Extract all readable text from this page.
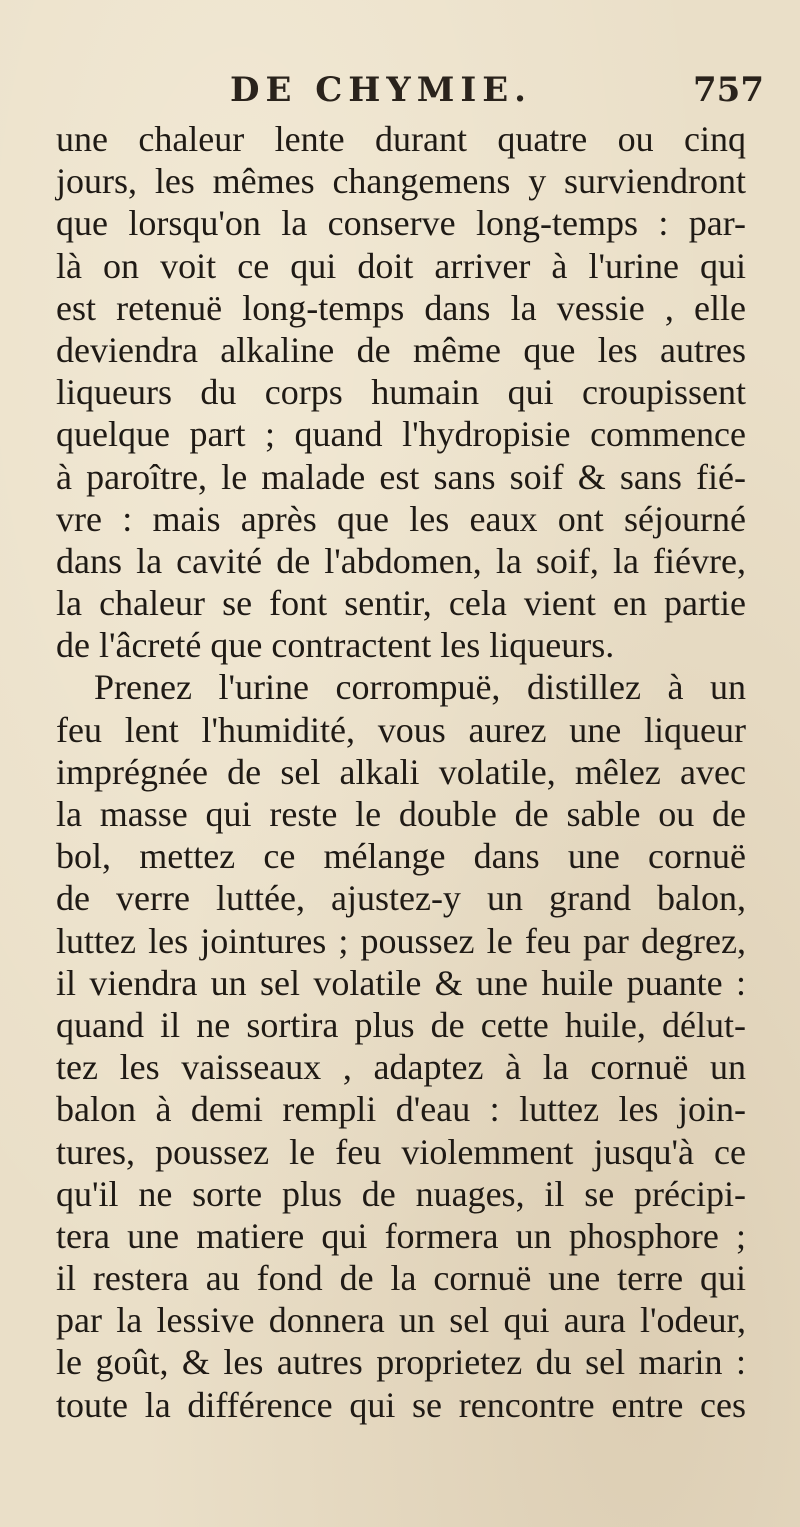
DE CHYMIE.	757
une chaleur lente durant quatre ou cinq
jours, les mêmes changemens y surviendront
que lorsqu'on la conserve long-temps : par-
là on voit ce qui doit arriver à l'urine qui
est retenuë long-temps dans la vessie , elle
deviendra alkaline de même que les autres
liqueurs du corps humain qui croupissent
quelque part ; quand l'hydropisie commence
à paroître, le malade est sans soif & sans fié-
vre : mais après que les eaux ont séjourné
dans la cavité de l'abdomen, la soif, la fiévre,
la chaleur se font sentir, cela vient en partie
de l'âcreté que contractent les liqueurs.
Prenez l'urine corrompuë, distillez à un
feu lent l'humidité, vous aurez une liqueur
imprégnée de sel alkali volatile, mêlez avec
la masse qui reste le double de sable ou de
bol, mettez ce mélange dans une cornuë
de verre luttée, ajustez-y un grand balon,
luttez les jointures ; poussez le feu par degrez,
il viendra un sel volatile & une huile puante :
quand il ne sortira plus de cette huile, délut-
tez les vaisseaux , adaptez à la cornuë un
balon à demi rempli d'eau : luttez les join-
tures, poussez le feu violemment jusqu'à ce
qu'il ne sorte plus de nuages, il se précipi-
tera une matiere qui formera un phosphore ;
il restera au fond de la cornuë une terre qui
par la lessive donnera un sel qui aura l'odeur,
le goût, & les autres proprietez du sel marin :
toute la différence qui se rencontre entre ces
